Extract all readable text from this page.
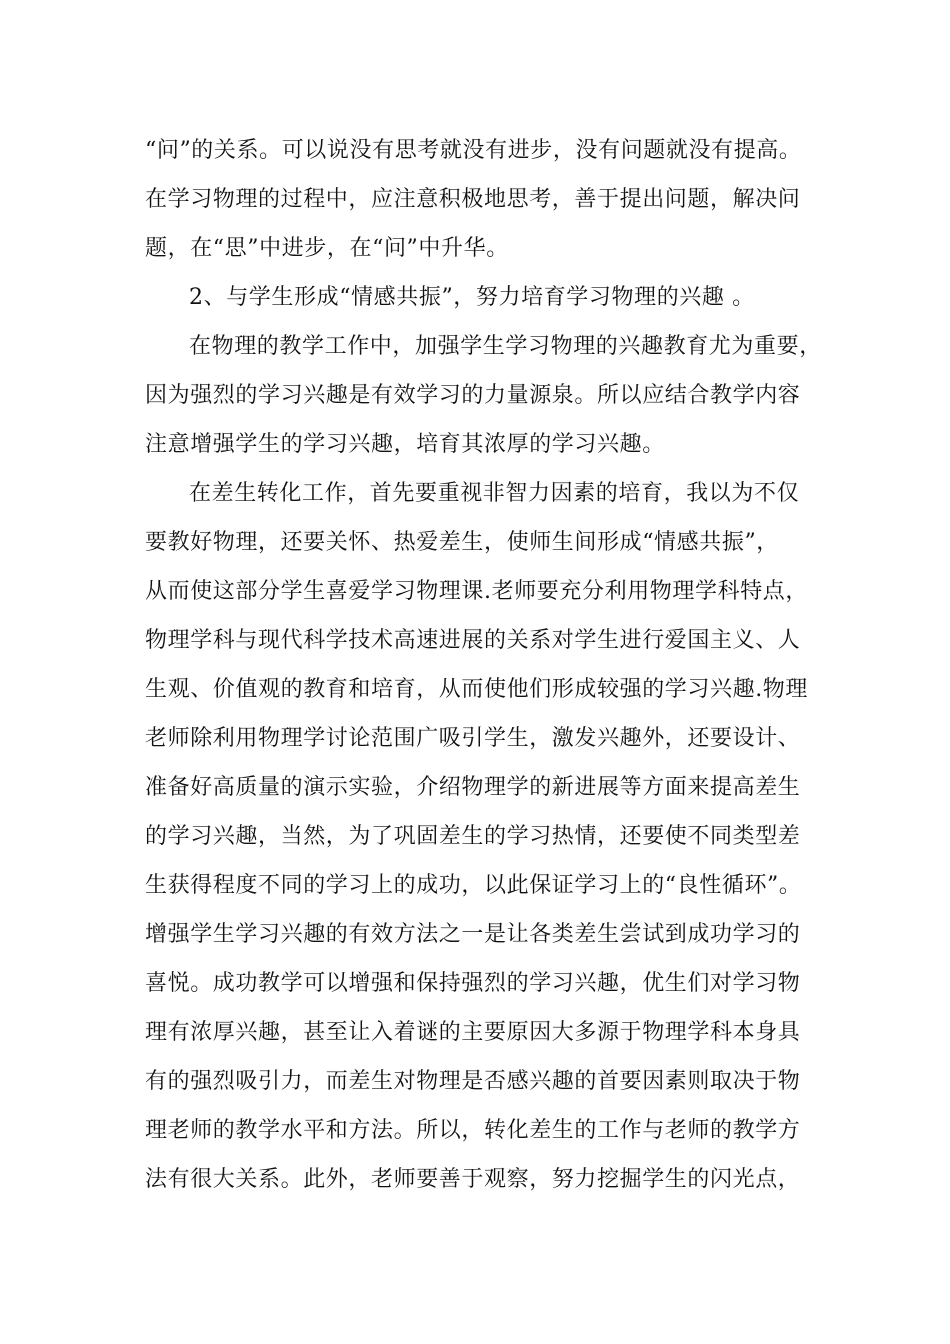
“问”的关系。可以说没有思考就没有进步，没有问题就没有提高。
在学习物理的过程中，应注意积极地思考，善于提出问题，解决问
题，在“思”中进步，在“问”中升华。
2、与学生形成“情感共振”，努力培育学习物理的兴趣 。
在物理的教学工作中，加强学生学习物理的兴趣教育尤为重要，
因为强烈的学习兴趣是有效学习的力量源泉。所以应结合教学内容
注意增强学生的学习兴趣，培育其浓厚的学习兴趣。
在差生转化工作，首先要重视非智力因素的培育，我以为不仅
要教好物理，还要关怀、热爱差生，使师生间形成“情感共振”，
从而使这部分学生喜爱学习物理课.老师要充分利用物理学科特点，
物理学科与现代科学技术高速进展的关系对学生进行爱国主义、人
生观、价值观的教育和培育，从而使他们形成较强的学习兴趣.物理
老师除利用物理学讨论范围广吸引学生，激发兴趣外，还要设计、
准备好高质量的演示实验，介绍物理学的新进展等方面来提高差生
的学习兴趣，当然，为了巩固差生的学习热情，还要使不同类型差
生获得程度不同的学习上的成功，以此保证学习上的“良性循环”。
增强学生学习兴趣的有效方法之一是让各类差生尝试到成功学习的
喜悦。成功教学可以增强和保持强烈的学习兴趣，优生们对学习物
理有浓厚兴趣，甚至让入着谜的主要原因大多源于物理学科本身具
有的强烈吸引力，而差生对物理是否感兴趣的首要因素则取决于物
理老师的教学水平和方法。所以，转化差生的工作与老师的教学方
法有很大关系。此外，老师要善于观察，努力挖掘学生的闪光点，
